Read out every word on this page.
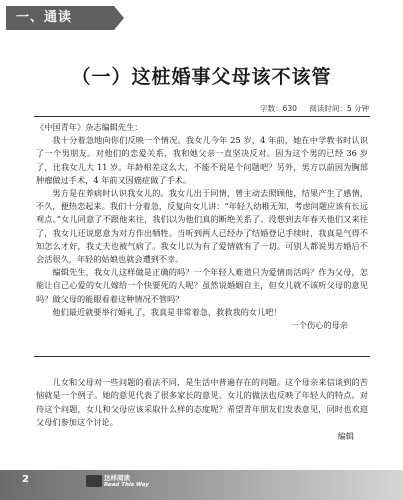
一、通读
（一）这桩婚事父母该不该管
字数：630 阅读时间：5 分钟

《中国青年》杂志编辑先生：

我十分着急地向你们反映一个情况。我女儿今年 25 岁，4 年前，她在中学教书时认识了一个男朋友。对他们的恋爱关系，我和她父亲一直坚决反对。因为这个男的已经 36 岁了，比我女儿大 11 岁。年龄相差这么大，不能不说是个问题吧？另外，男方以前因为胸部肿瘤做过手术，4 年前又因癌症做了手术。

男方是在养病时认识我女儿的。我女儿出于同情，曾主动去照顾他，结果产生了感情，不久，便热恋起来。我们十分着急，反复向女儿讲：“年轻人幼稚无知，考虑问题应该有长远观点。”女儿同意了不跟他来往，我们以为他们真的断绝关系了。没想到去年春天他们又来往了，我女儿还说愿意为对方作出牺牲。当听到两人已经办了结婚登记手续时，我真是气得不知怎么才好，我丈夫也被气病了。我女儿以为有了爱情就有了一切。可别人都说男方婚后不会活很久，年轻的姑娘也就会遭到不幸。

编辑先生，我女儿这样做是正确的吗？一个年轻人难道只为爱情而活吗？作为父母，怎能让自己心爱的女儿嫁给一个快要死的人呢？虽然说婚姻自主，但女儿就不该听父母的意见吗？做父母的能眼看着这种情况不管吗？

他们最近就要举行婚礼了，我真是非常着急，救救我的女儿吧！

一个伤心的母亲

儿女和父母对一些问题的看法不同，是生活中普遍存在的问题。这个母亲来信谈到的苦恼就是一个例子。她的意见代表了很多家长的意见。女儿的做法也反映了年轻人的特点。对待这个问题，女儿和父母应该采取什么样的态度呢？希望青年朋友们发表意见，同时也欢迎父母们参加这个讨论。

编辑

2	这样阅读
Read This Way
